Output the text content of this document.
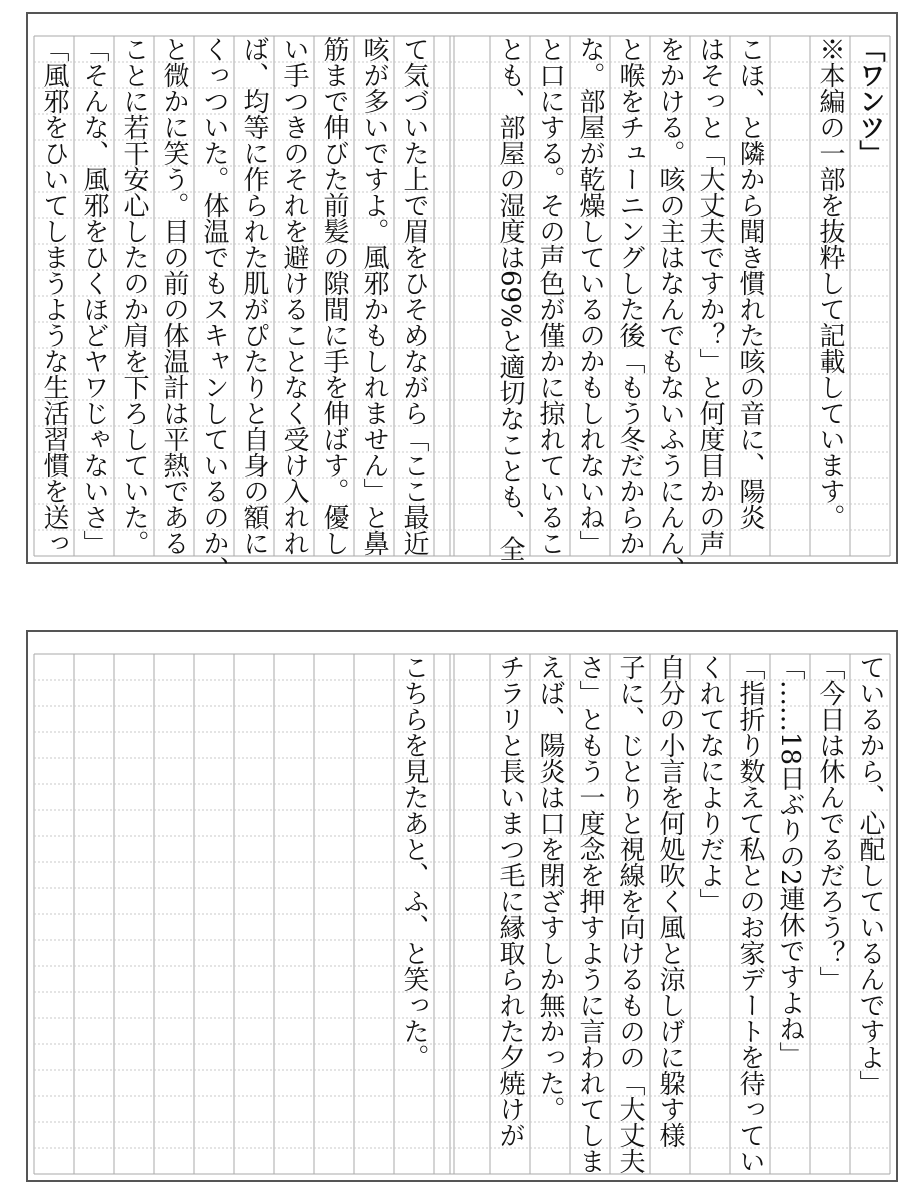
「ワンツ」
※本編の一部を抜粋して記載しています。
こほ、と隣から聞き慣れた咳の音に、陽炎
はそっと「大丈夫ですか？」と何度目かの声
をかける。咳の主はなんでもないふうにんん、
と喉をチューニングした後「もう冬だからか
な。部屋が乾燥しているのかもしれないね」
と口にする。その声色が僅かに掠れているこ
とも、部屋の湿度は69%と適切なことも、全
て気づいた上で眉をひそめながら「ここ最近
咳が多いですよ。風邪かもしれません」と鼻
筋まで伸びた前髪の隙間に手を伸ばす。優し
い手つきのそれを避けることなく受け入れれ
ば、均等に作られた肌がぴたりと自身の額に
くっついた。体温でもスキャンしているのか、
と微かに笑う。目の前の体温計は平熱である
ことに若干安心したのか肩を下ろしていた。
「そんな、風邪をひくほどヤワじゃないさ」
「風邪をひいてしまうような生活習慣を送っ
ているから、心配しているんですよ」
「今日は休んでるだろう？」
「……18日ぶりの2連休ですよね」
「指折り数えて私とのお家デートを待ってい
くれてなによりだよ」
自分の小言を何処吹く風と涼しげに躱す様
子に、じとりと視線を向けるものの「大丈夫
さ」ともう一度念を押すように言われてしま
えば、陽炎は口を閉ざすしか無かった。
チラリと長いまつ毛に縁取られた夕焼けが
こちらを見たあと、ふ、と笑った。
